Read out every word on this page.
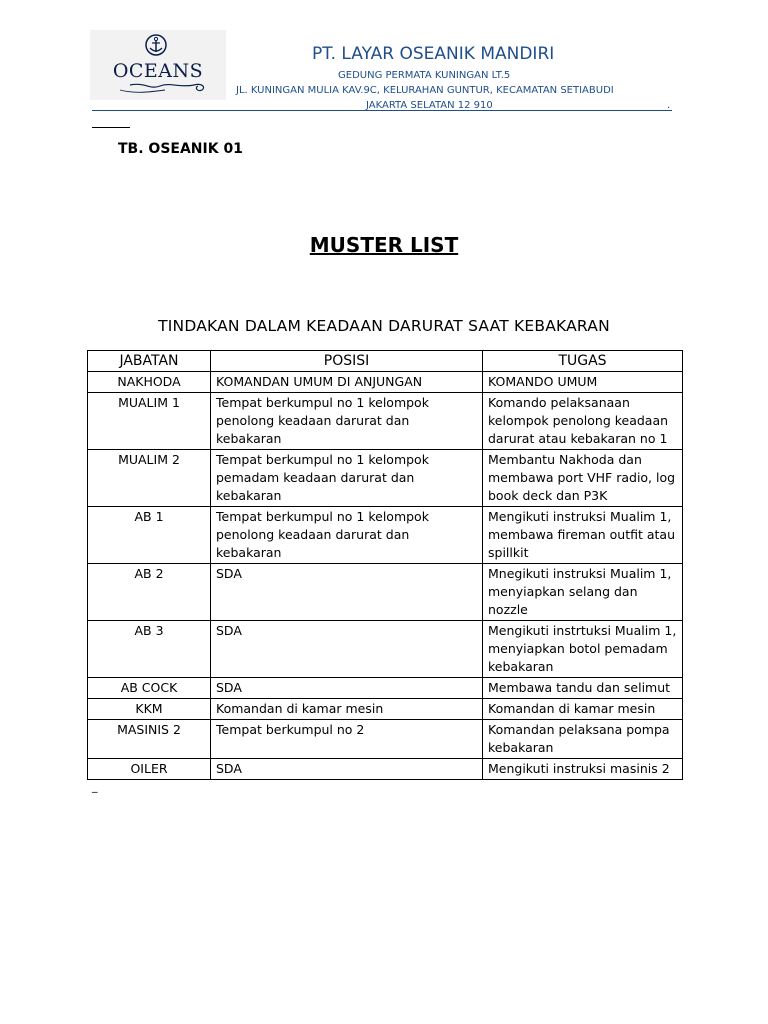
OCEANS
PT. LAYAR OSEANIK MANDIRI
GEDUNG PERMATA KUNINGAN LT.5
JL. KUNINGAN MULIA KAV.9C, KELURAHAN GUNTUR, KECAMATAN SETIABUDI
JAKARTA SELATAN 12 910	.
TB. OSEANIK 01
MUSTER LIST
TINDAKAN DALAM KEADAAN DARURAT SAAT KEBAKARAN
JABATAN	POSISI	TUGAS
NAKHODA	KOMANDAN UMUM DI ANJUNGAN	KOMANDO UMUM
MUALIM 1	Tempat berkumpul no 1 kelompok penolong keadaan darurat dan kebakaran	Komando pelaksanaan kelompok penolong keadaan darurat atau kebakaran no 1
MUALIM 2	Tempat berkumpul no 1 kelompok pemadam keadaan darurat dan kebakaran	Membantu Nakhoda dan membawa port VHF radio, log book deck dan P3K
AB 1	Tempat berkumpul no 1 kelompok penolong keadaan darurat dan kebakaran	Mengikuti instruksi Mualim 1, membawa fireman outfit atau spillkit
AB 2	SDA	Mnegikuti instruksi Mualim 1, menyiapkan selang dan nozzle
AB 3	SDA	Mengikuti instrtuksi Mualim 1, menyiapkan botol pemadam kebakaran
AB COCK	SDA	Membawa tandu dan selimut
KKM	Komandan di kamar mesin	Komandan di kamar mesin
MASINIS 2	Tempat berkumpul no 2	Komandan pelaksana pompa kebakaran
OILER	SDA	Mengikuti instruksi masinis 2
_
